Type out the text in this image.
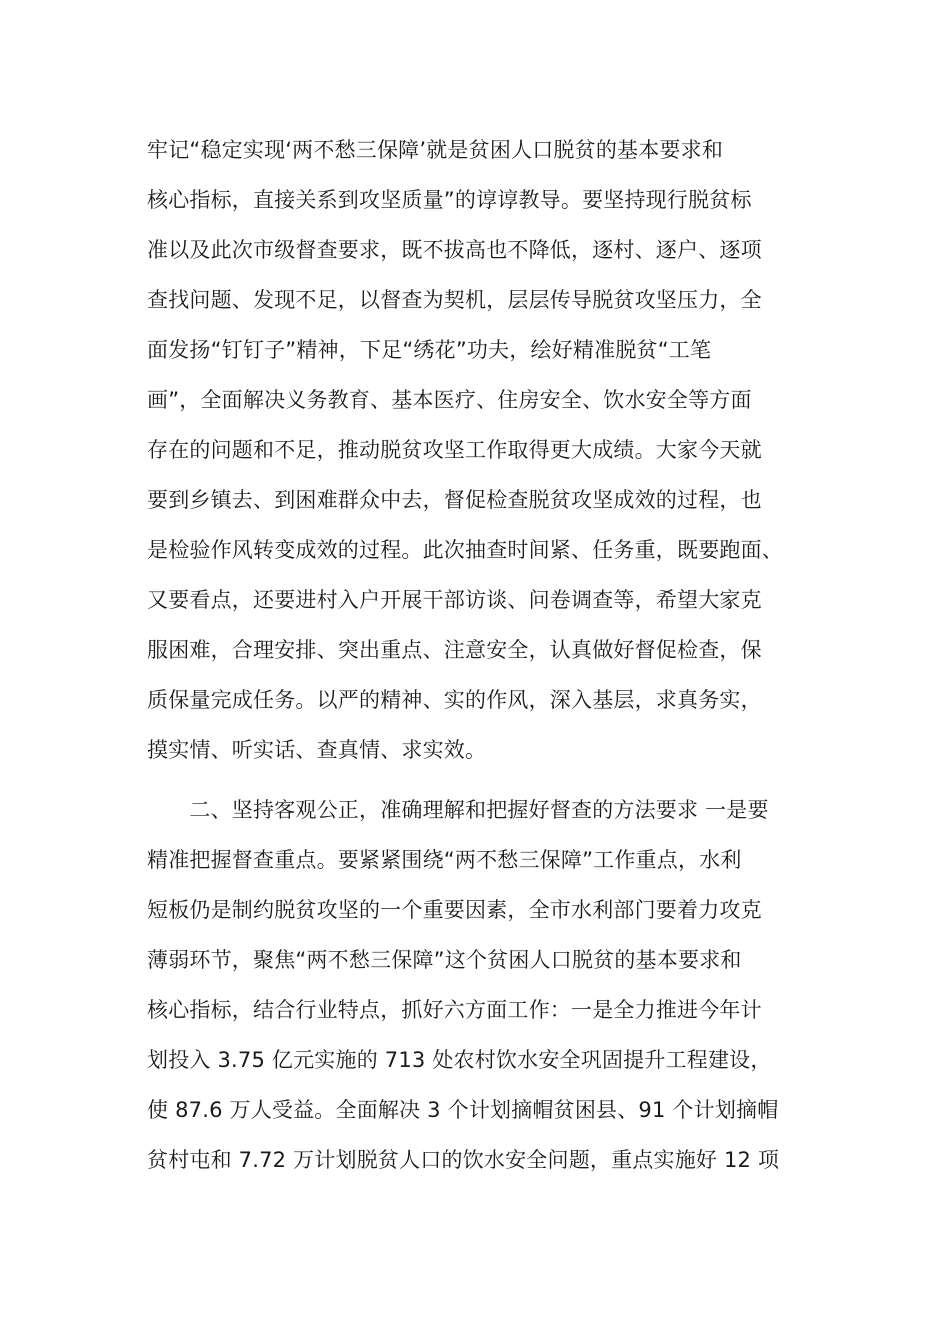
牢记“稳定实现‘两不愁三保障’就是贫困人口脱贫的基本要求和
核心指标，直接关系到攻坚质量”的谆谆教导。要坚持现行脱贫标
准以及此次市级督查要求，既不拔高也不降低，逐村、逐户、逐项
查找问题、发现不足，以督查为契机，层层传导脱贫攻坚压力，全
面发扬“钉钉子”精神，下足“绣花”功夫，绘好精准脱贫“工笔
画”，全面解决义务教育、基本医疗、住房安全、饮水安全等方面
存在的问题和不足，推动脱贫攻坚工作取得更大成绩。大家今天就
要到乡镇去、到困难群众中去，督促检查脱贫攻坚成效的过程，也
是检验作风转变成效的过程。此次抽查时间紧、任务重，既要跑面、
又要看点，还要进村入户开展干部访谈、问卷调查等，希望大家克
服困难，合理安排、突出重点、注意安全，认真做好督促检查，保
质保量完成任务。以严的精神、实的作风，深入基层，求真务实，
摸实情、听实话、查真情、求实效。
　　二、坚持客观公正，准确理解和把握好督查的方法要求 一是要
精准把握督查重点。要紧紧围绕“两不愁三保障”工作重点，水利
短板仍是制约脱贫攻坚的一个重要因素，全市水利部门要着力攻克
薄弱环节，聚焦“两不愁三保障”这个贫困人口脱贫的基本要求和
核心指标，结合行业特点，抓好六方面工作：一是全力推进今年计
划投入 3.75 亿元实施的 713 处农村饮水安全巩固提升工程建设，
使 87.6 万人受益。全面解决 3 个计划摘帽贫困县、91 个计划摘帽
贫村屯和 7.72 万计划脱贫人口的饮水安全问题，重点实施好 12 项
